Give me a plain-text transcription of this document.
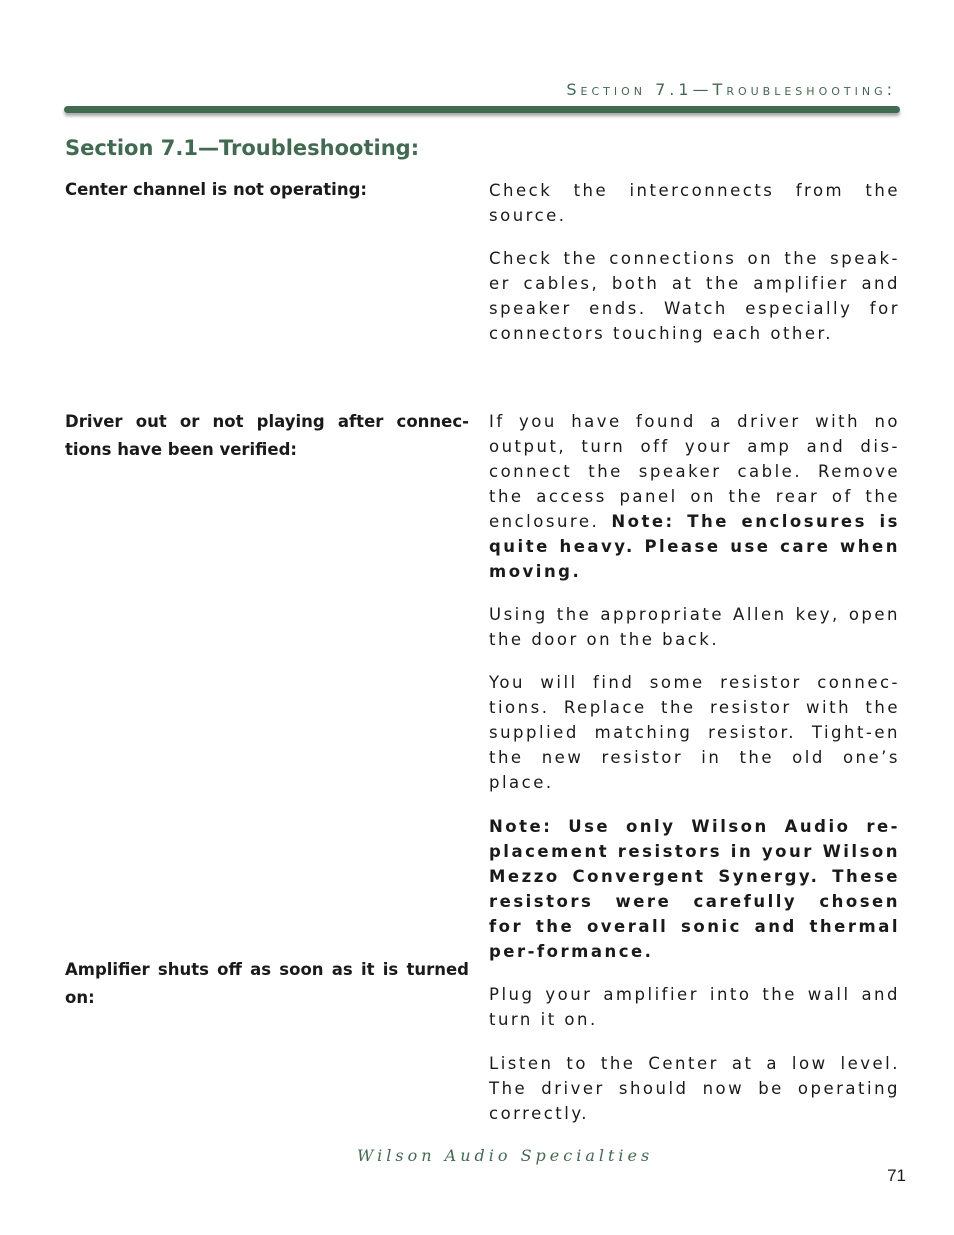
Section 7.1—Troubleshooting:
Section 7.1—Troubleshooting:
Center channel is not operating:	Check the interconnects from the source.
Check the connections on the speak-er cables, both at the amplifier and speaker ends. Watch especially for connectors touching each other.
Driver out or not playing after connec-tions have been verified:
If you have found a driver with no output, turn off your amp and dis-connect the speaker cable. Remove the access panel on the rear of the enclosure. Note: The enclosures is quite heavy. Please use care when moving.
Using the appropriate Allen key, open the door on the back.
You will find some resistor connec-tions. Replace the resistor with the supplied matching resistor. Tight-en the new resistor in the old one’s place.
Note: Use only Wilson Audio re-placement resistors in your Wilson Mezzo Convergent Synergy. These resistors were carefully chosen for the overall sonic and thermal per-formance.
Amplifier shuts off as soon as it is turned on:	Plug your amplifier into the wall and turn it on.
Listen to the Center at a low level. The driver should now be operating correctly.
Wilson Audio Specialties
71
